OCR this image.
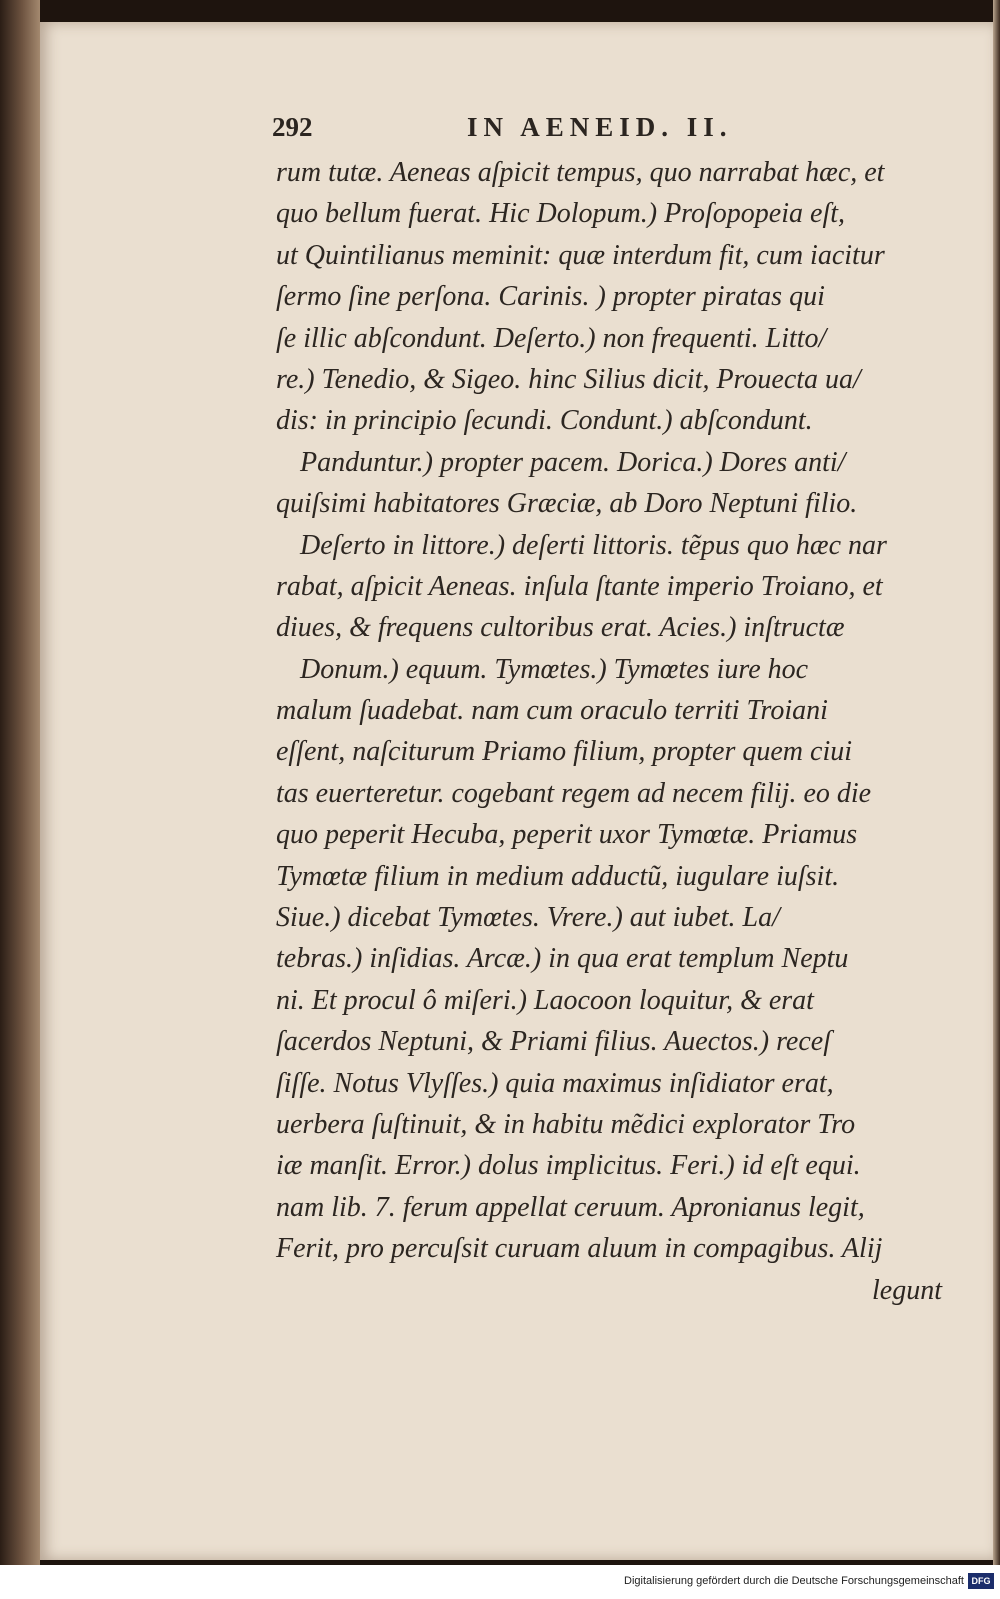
292	IN AENEID. II.
rum tutæ. Aeneas aſpicit tempus, quo narrabat hæc, et
quo bellum fuerat. Hic Dolopum.) Proſopopeia eſt,
ut Quintilianus meminit: quæ interdum fit, cum iacitur
ſermo ſine perſona. Carinis. ) propter piratas qui
ſe illic abſcondunt. Deſerto.) non frequenti. Litto/
re.) Tenedio, & Sigeo. hinc Silius dicit, Prouecta ua/
dis: in principio ſecundi. Condunt.) abſcondunt.
Panduntur.) propter pacem. Dorica.) Dores anti/
quiſsimi habitatores Græciæ, ab Doro Neptuni filio.
Deſerto in littore.) deſerti littoris. tẽpus quo hæc nar
rabat, aſpicit Aeneas. inſula ſtante imperio Troiano, et
diues, & frequens cultoribus erat. Acies.) inſtructæ
Donum.) equum. Tymœtes.) Tymœtes iure hoc
malum ſuadebat. nam cum oraculo territi Troiani
eſſent, naſciturum Priamo filium, propter quem ciui
tas euerteretur. cogebant regem ad necem filij. eo die
quo peperit Hecuba, peperit uxor Tymœtæ. Priamus
Tymœtæ filium in medium adductũ, iugulare iuſsit.
Siue.) dicebat Tymœtes. Vrere.) aut iubet. La/
tebras.) inſidias. Arcæ.) in qua erat templum Neptu
ni. Et procul ô miſeri.) Laocoon loquitur, & erat
ſacerdos Neptuni, & Priami filius. Auectos.) receſ
ſiſſe. Notus Vlyſſes.) quia maximus inſidiator erat,
uerbera ſuſtinuit, & in habitu mẽdici explorator Tro
iæ manſit. Error.) dolus implicitus. Feri.) id eſt equi.
nam lib. 7. ferum appellat ceruum. Apronianus legit,
Ferit, pro percuſsit curuam aluum in compagibus. Alij
legunt
Digitalisierung gefördert durch die Deutsche Forschungsgemeinschaft DFG
